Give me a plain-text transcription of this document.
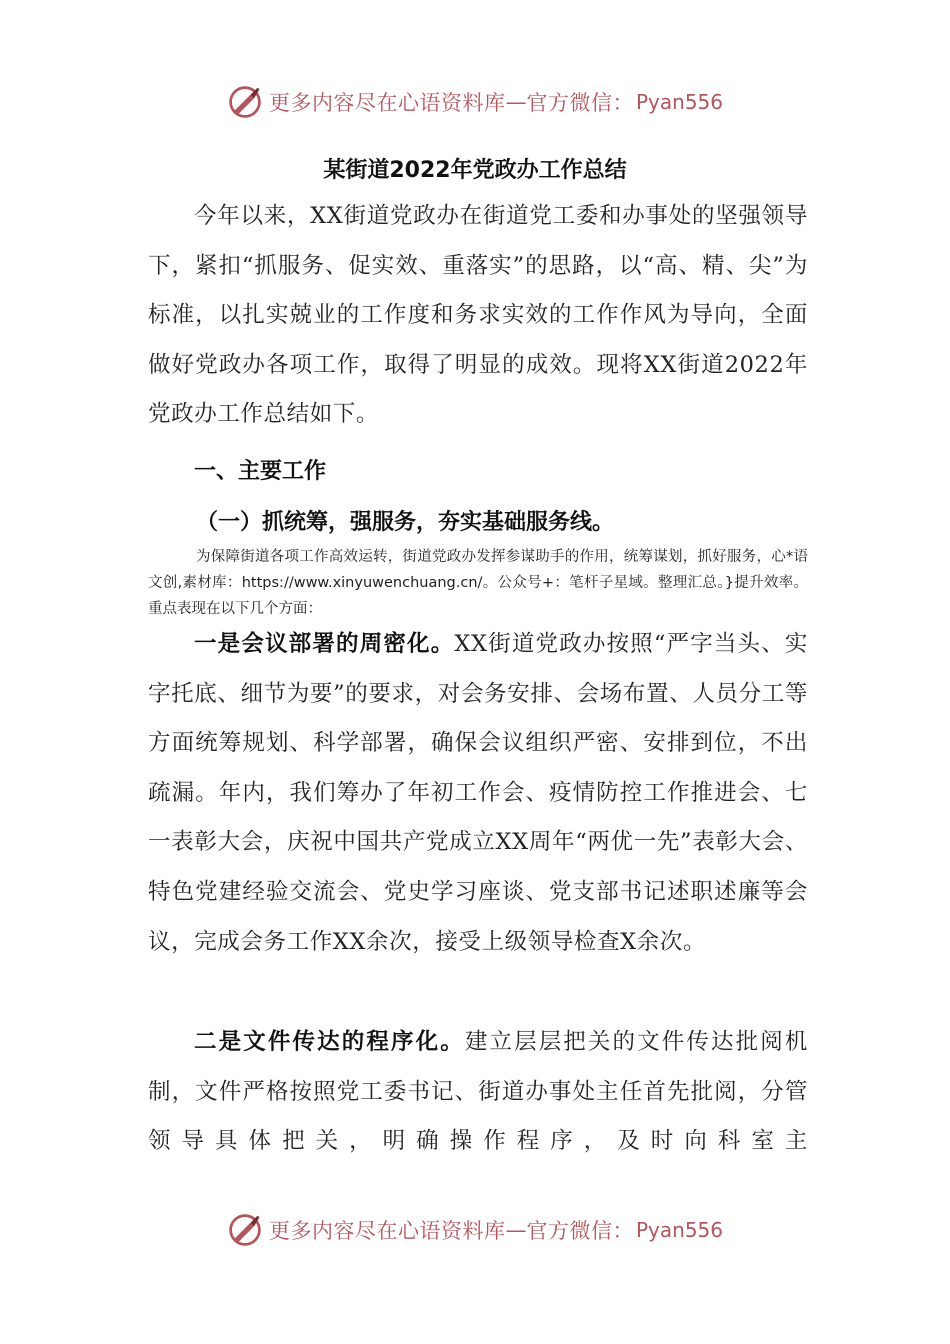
更多内容尽在心语资料库 — 官方微信： Pyan556
某街道2022年党政办工作总结
今年以来，XX街道党政办在街道党工委和办事处的坚强领导下，紧扣“抓服务、促实效、重落实”的思路，以“高、精、尖”为标准，以扎实兢业的工作度和务求实效的工作作风为导向，全面做好党政办各项工作，取得了明显的成效。现将XX街道2022年党政办工作总结如下。
一、主要工作
（一）抓统筹，强服务，夯实基础服务线。
为保障街道各项工作高效运转，街道党政办发挥参谋助手的作用，统筹谋划，抓好服务，心*语文创,素材库：https://www.xinyuwenchuang.cn/。公众号+：笔杆子星域。整理汇总。}提升效率。重点表现在以下几个方面：
一是会议部署的周密化。XX街道党政办按照“严字当头、实字托底、细节为要”的要求，对会务安排、会场布置、人员分工等方面统筹规划、科学部署，确保会议组织严密、安排到位，不出疏漏。年内，我们筹办了年初工作会、疫情防控工作推进会、七一表彰大会，庆祝中国共产党成立XX周年“两优一先”表彰大会、特色党建经验交流会、党史学习座谈、党支部书记述职述廉等会议，完成会务工作XX余次，接受上级领导检查X余次。
二是文件传达的程序化。建立层层把关的文件传达批阅机制，文件严格按照党工委书记、街道办事处主任首先批阅，分管领导具体把关，明确操作程序，及时向科室主
更多内容尽在心语资料库 — 官方微信： Pyan556
